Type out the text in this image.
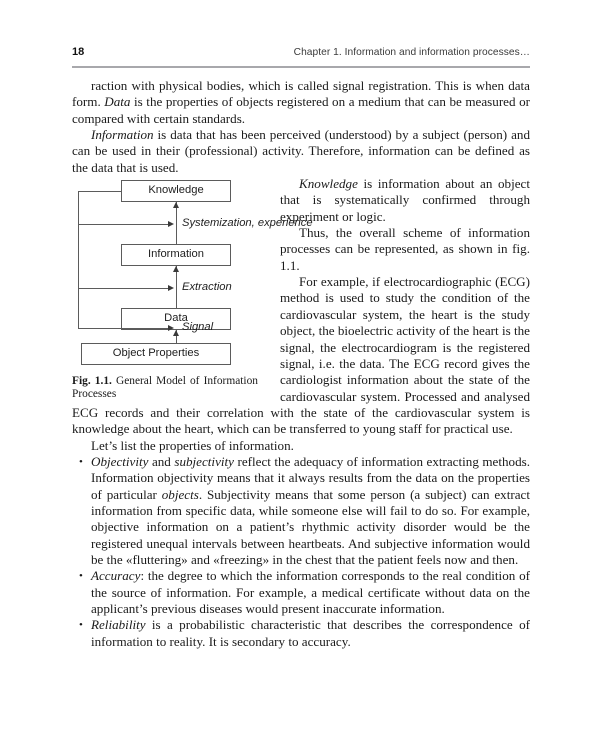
18	Chapter 1. Information and information processes…

raction with physical bodies, which is called signal registration. This is when data form. Data is the properties of objects registered on a medium that can be measured or compared with certain standards.

Information is data that has been perceived (understood) by a subject (person) and can be used in their (professional) activity. Therefore, information can be defined as the data that is used.

Knowledge
Information
Data
Object Properties
Systemization, experience
Extraction
Signal
Fig. 1.1. General Model of Information Processes

Knowledge is information about an object that is systematically confirmed through experiment or logic.

Thus, the overall scheme of information processes can be represented, as shown in fig. 1.1.

For example, if electrocardiographic (ECG) method is used to study the condition of the cardiovascular system, the heart is the study object, the bioelectric activity of the heart is the signal, the electrocardiogram is the registered signal, i.e. the data. The ECG record gives the cardiologist information about the state of the cardiovascular system. Processed and analysed ECG records and their correlation with the state of the cardiovascular system is knowledge about the heart, which can be transferred to young staff for practical use.

Let’s list the properties of information.

• Objectivity and subjectivity reflect the adequacy of information extracting methods. Information objectivity means that it always results from the data on the properties of particular objects. Subjectivity means that some person (a subject) can extract information from specific data, while someone else will fail to do so. For example, objective information on a patient’s rhythmic activity disorder would be the registered unequal intervals between heartbeats. And subjective information would be the «fluttering» and «freezing» in the chest that the patient feels now and then.
• Accuracy: the degree to which the information corresponds to the real condition of the source of information. For example, a medical certificate without data on the applicant’s previous diseases would present inaccurate information.
• Reliability is a probabilistic characteristic that describes the correspondence of information to reality. It is secondary to accuracy.
